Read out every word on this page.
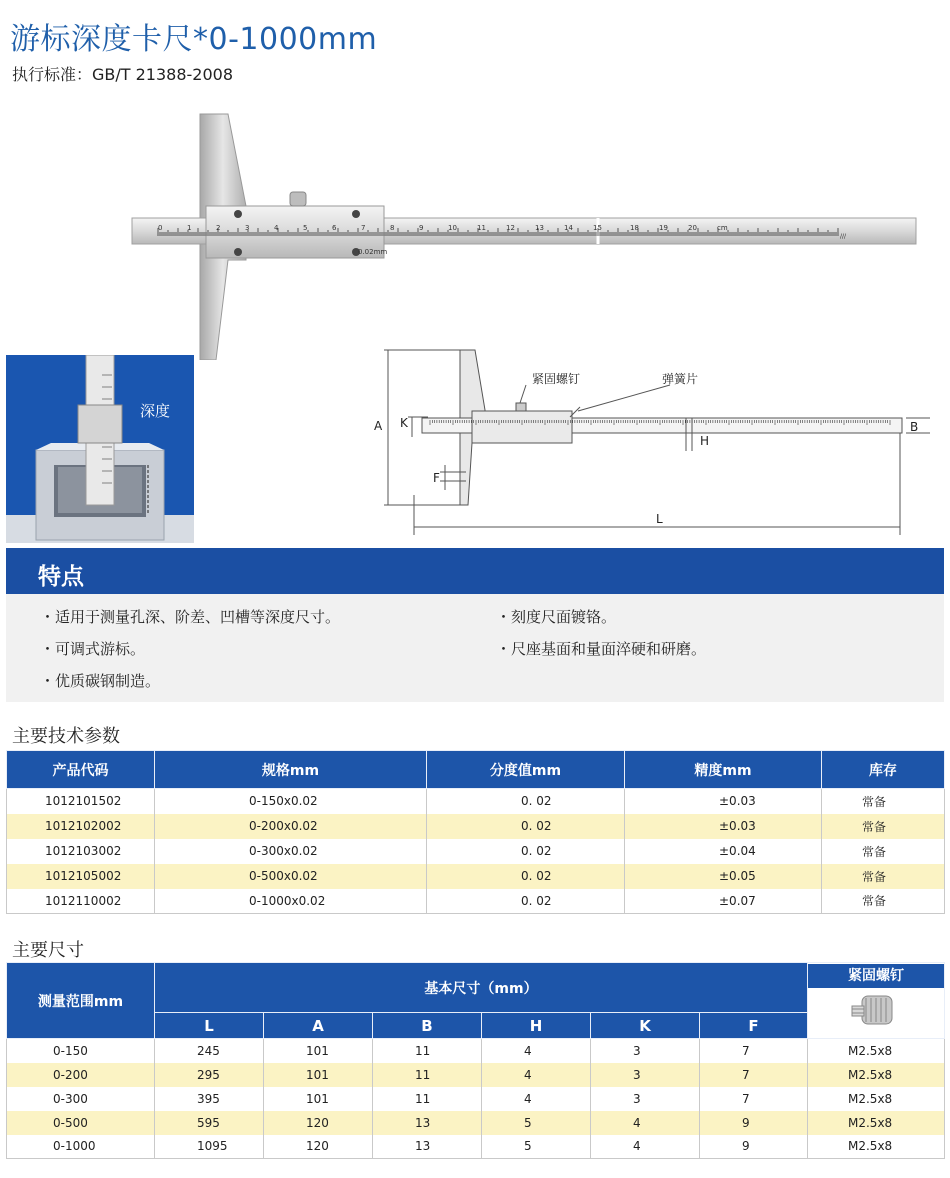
游标深度卡尺*0-1000mm
执行标准：GB/T 21388-2008
0	1	2	3	4	5	6	7	8	9	10	11	12	13	14	15	18	19	20	cm
0.02mm
///
深度
A K
F
H
B
L
紧固螺钉	弹簧片
特点
・适用于测量孔深、阶差、凹槽等深度尺寸。
・可调式游标。
・优质碳钢制造。
・刻度尺面镀铬。
・尺座基面和量面淬硬和研磨。
主要技术参数
产品代码	规格mm	分度值mm	精度mm	库存
1012101502	0-150x0.02	0. 02	±0.03	常备
1012102002	0-200x0.02	0. 02	±0.03	常备
1012103002	0-300x0.02	0. 02	±0.04	常备
1012105002	0-500x0.02	0. 02	±0.05	常备
1012110002	0-1000x0.02	0. 02	±0.07	常备
主要尺寸
测量范围mm	基本尺寸（mm）						紧固螺钉

	L	A	B	H	K	F	
0-150	245	101	11	4	3	7	M2.5x8
0-200	295	101	11	4	3	7	M2.5x8
0-300	395	101	11	4	3	7	M2.5x8
0-500	595	120	13	5	4	9	M2.5x8
0-1000	1095	120	13	5	4	9	M2.5x8
